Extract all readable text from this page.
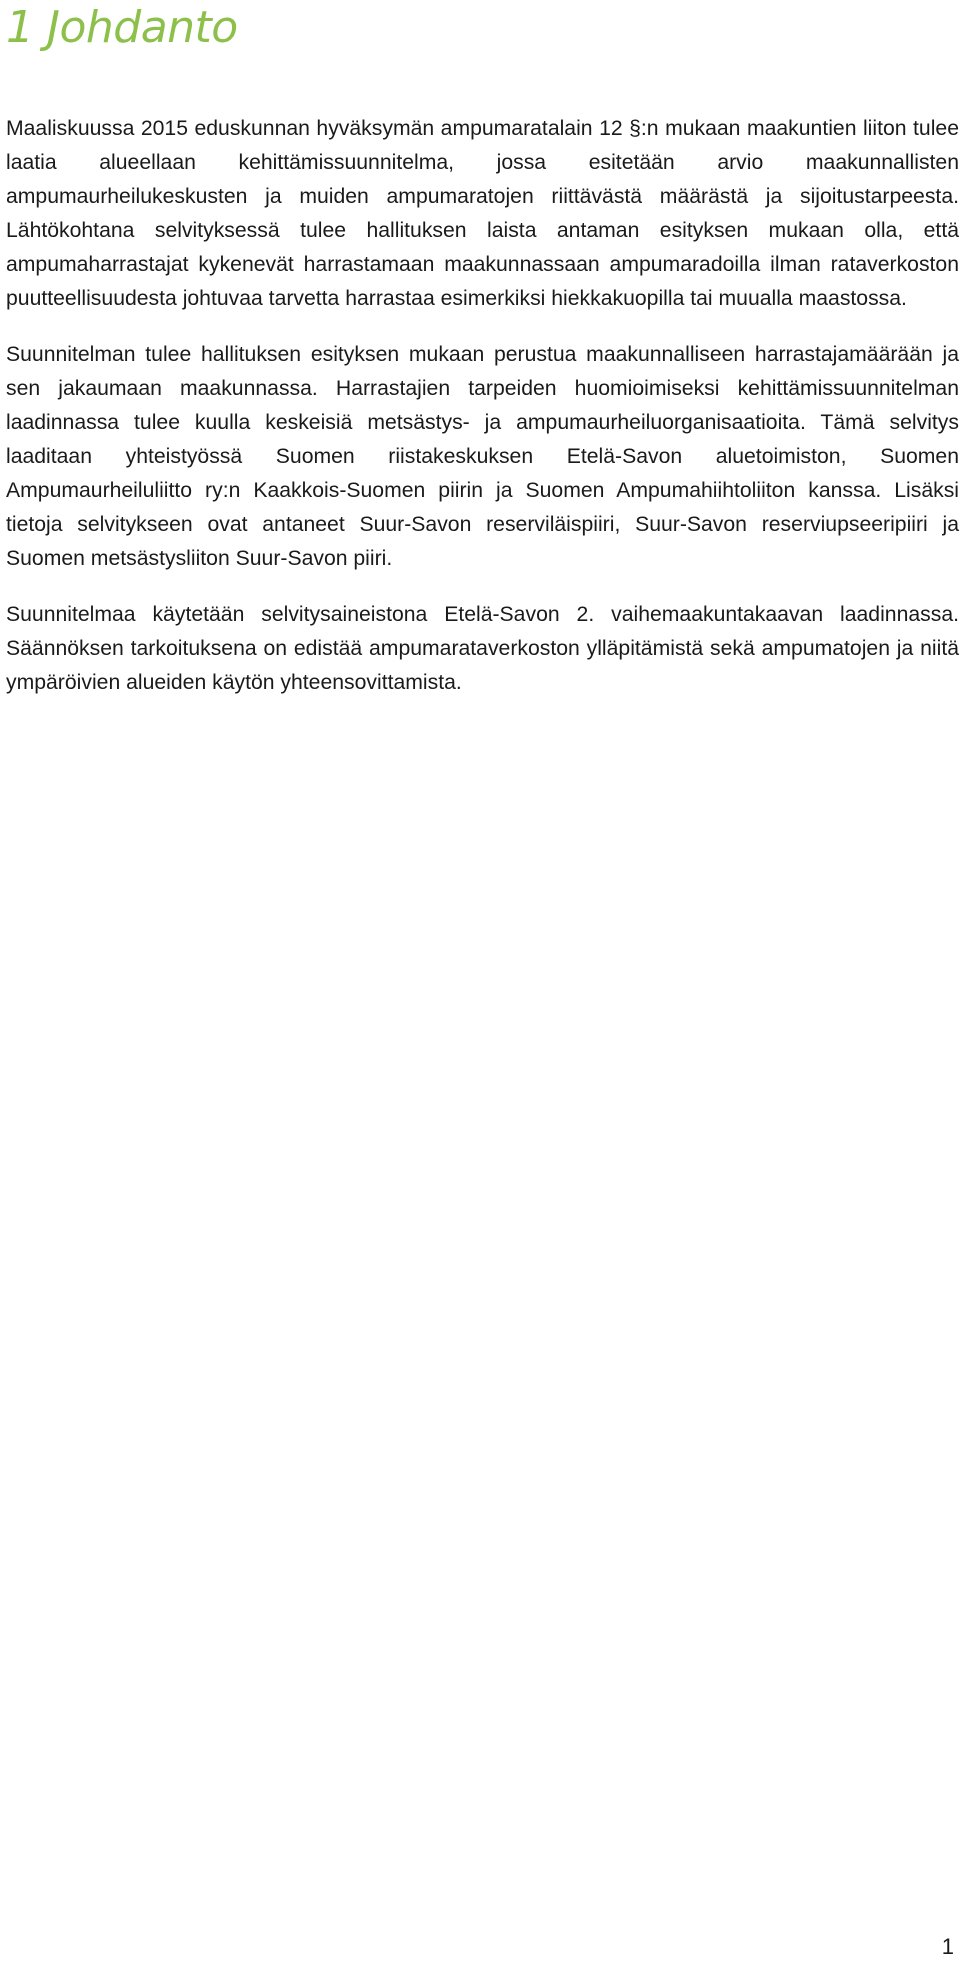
1 Johdanto

Maaliskuussa 2015 eduskunnan hyväksymän ampumaratalain 12 §:n mukaan maakuntien liiton tulee laatia alueellaan kehittämissuunnitelma, jossa esitetään arvio maakunnallisten ampumaurheilukeskusten ja muiden ampumaratojen riittävästä määrästä ja sijoitustarpeesta. Lähtökohtana selvityksessä tulee hallituksen laista antaman esityksen mukaan olla, että ampumaharrastajat kykenevät harrastamaan maakunnassaan ampumaradoilla ilman rataverkoston puutteellisuudesta johtuvaa tarvetta harrastaa esimerkiksi hiekkakuopilla tai muualla maastossa.

Suunnitelman tulee hallituksen esityksen mukaan perustua maakunnalliseen harrastajamäärään ja sen jakaumaan maakunnassa. Harrastajien tarpeiden huomioimiseksi kehittämissuunnitelman laadinnassa tulee kuulla keskeisiä metsästys- ja ampumaurheiluorganisaatioita. Tämä selvitys laaditaan yhteistyössä Suomen riistakeskuksen Etelä-Savon aluetoimiston, Suomen Ampumaurheiluliitto ry:n Kaakkois-Suomen piirin ja Suomen Ampumahiihtoliiton kanssa. Lisäksi tietoja selvitykseen ovat antaneet Suur-Savon reserviläispiiri, Suur-Savon reserviupseeripiiri ja Suomen metsästysliiton Suur-Savon piiri.

Suunnitelmaa käytetään selvitysaineistona Etelä-Savon 2. vaihemaakuntakaavan laadinnassa. Säännöksen tarkoituksena on edistää ampumarataverkoston ylläpitämistä sekä ampumatojen ja niitä ympäröivien alueiden käytön yhteensovittamista.

1
